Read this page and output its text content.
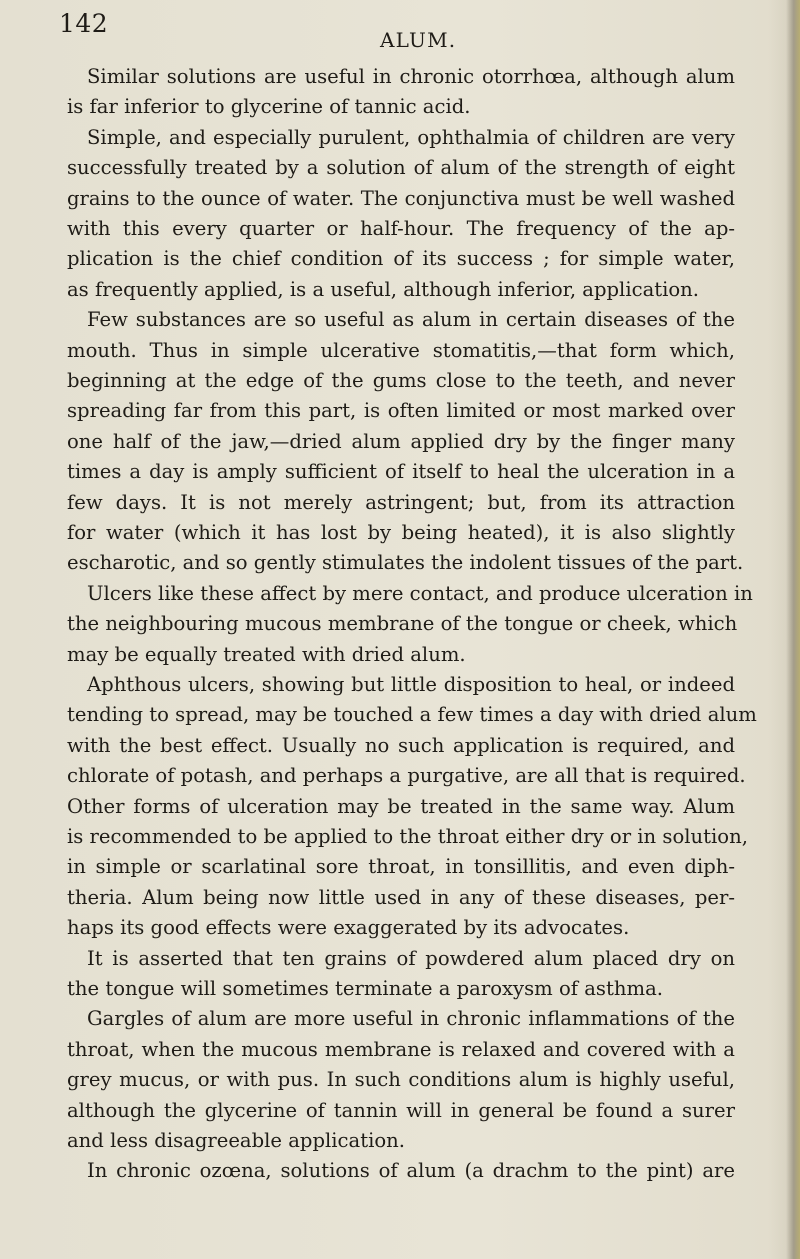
142
ALUM.
Similar solutions are useful in chronic otorrhœa, although alum
is far inferior to glycerine of tannic acid.
Simple, and especially purulent, ophthalmia of children are very
successfully treated by a solution of alum of the strength of eight
grains to the ounce of water. The conjunctiva must be well washed
with this every quarter or half-hour. The frequency of the ap-
plication is the chief condition of its success ; for simple water,
as frequently applied, is a useful, although inferior, application.
Few substances are so useful as alum in certain diseases of the
mouth. Thus in simple ulcerative stomatitis,—that form which,
beginning at the edge of the gums close to the teeth, and never
spreading far from this part, is often limited or most marked over
one half of the jaw,—dried alum applied dry by the finger many
times a day is amply sufficient of itself to heal the ulceration in a
few days. It is not merely astringent; but, from its attraction
for water (which it has lost by being heated), it is also slightly
escharotic, and so gently stimulates the indolent tissues of the part.
Ulcers like these affect by mere contact, and produce ulceration in
the neighbouring mucous membrane of the tongue or cheek, which
may be equally treated with dried alum.
Aphthous ulcers, showing but little disposition to heal, or indeed
tending to spread, may be touched a few times a day with dried alum
with the best effect. Usually no such application is required, and
chlorate of potash, and perhaps a purgative, are all that is required.
Other forms of ulceration may be treated in the same way. Alum
is recommended to be applied to the throat either dry or in solution,
in simple or scarlatinal sore throat, in tonsillitis, and even diph-
theria. Alum being now little used in any of these diseases, per-
haps its good effects were exaggerated by its advocates.
It is asserted that ten grains of powdered alum placed dry on
the tongue will sometimes terminate a paroxysm of asthma.
Gargles of alum are more useful in chronic inflammations of the
throat, when the mucous membrane is relaxed and covered with a
grey mucus, or with pus. In such conditions alum is highly useful,
although the glycerine of tannin will in general be found a surer
and less disagreeable application.
In chronic ozœna, solutions of alum (a drachm to the pint) are
